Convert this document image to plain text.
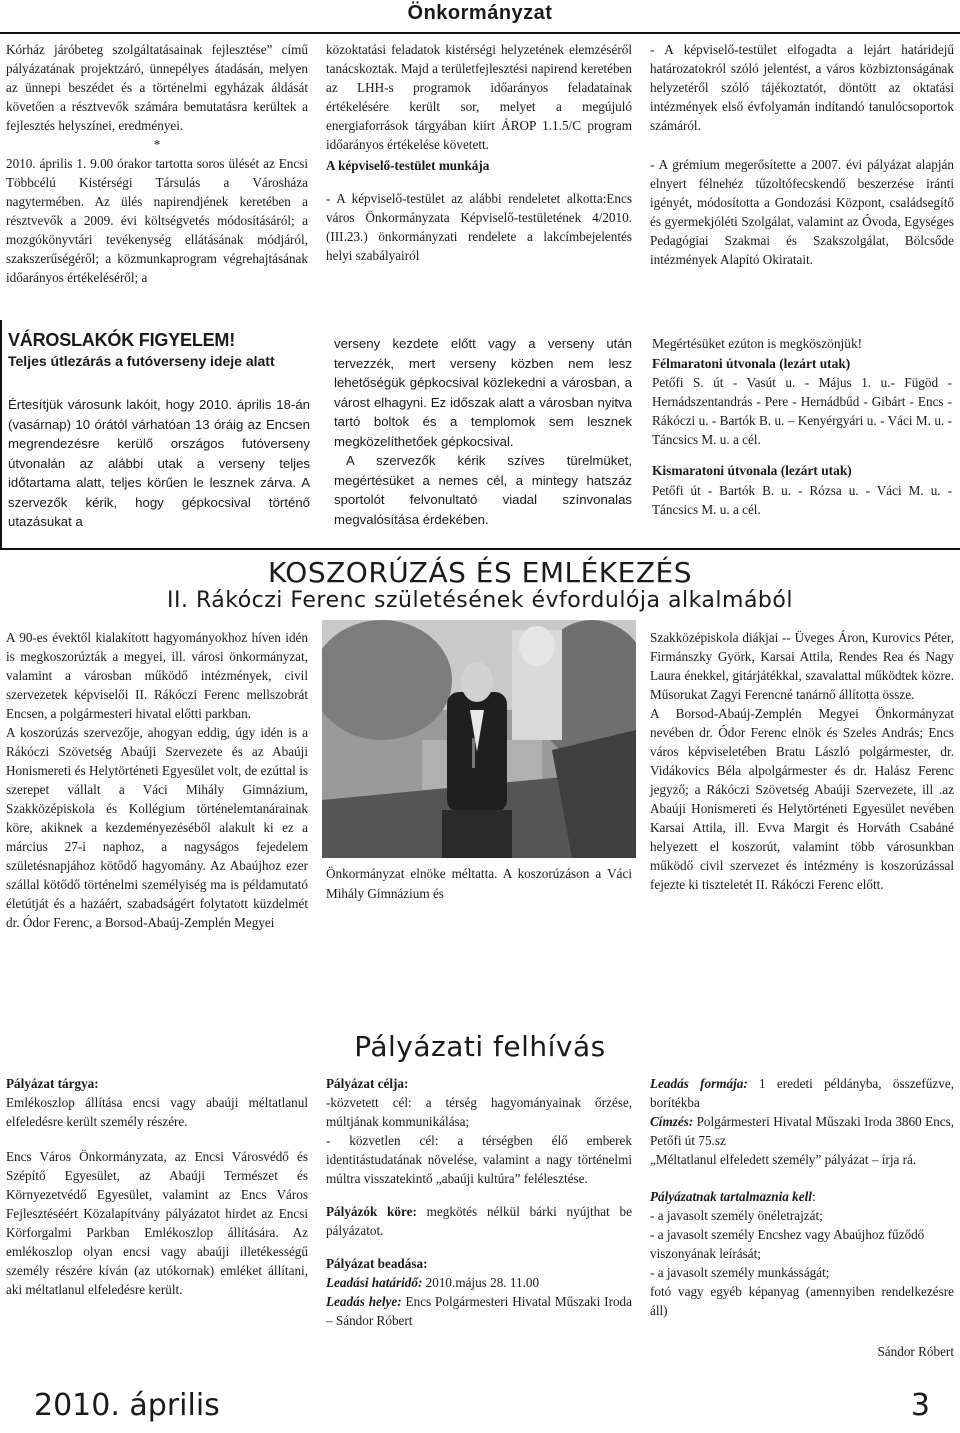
Önkormányzat

Kórház járóbeteg szolgáltatásainak fejlesztése” című pályázatának projektzáró, ünnepélyes átadásán, melyen az ünnepi beszédet és a történelmi egyházak áldását követően a résztvevők számára bemutatásra kerültek a fejlesztés helyszínei, eredményei.

*

2010. április 1. 9.00 órakor tartotta soros ülését az Encsi Többcélú Kistérségi Társulás a Városháza nagytermében. Az ülés napirendjének keretében a résztvevők a 2009. évi költségvetés módosításáról; a mozgókönyvtári tevékenység ellátásának módjáról, szakszerűségéről; a közmunkaprogram végrehajtásának időarányos értékeléséről; a

közoktatási feladatok kistérségi helyzetének elemzéséről tanácskoztak. Majd a területfejlesztési napirend keretében az LHH-s programok időarányos feladatainak értékelésére került sor, melyet a megújuló energiaforrások tárgyában kiírt ÁROP 1.1.5/C program időarányos értékelése követett.

A képviselő-testület munkája

- A képviselő-testület az alábbi rendeletet alkotta:Encs város Önkormányzata Képviselő-testületének 4/2010. (III.23.) önkormányzati rendelete a lakcímbejelentés helyi szabályairól

- A képviselő-testület elfogadta a lejárt határidejű határozatokról szóló jelentést, a város közbiztonságának helyzetéről szóló tájékoztatót, döntött az oktatási intézmények első évfolyamán indítandó tanulócsoportok számáról.

- A grémium megerősítette a 2007. évi pályázat alapján elnyert félnehéz tűzoltófecskendő beszerzése iránti igényét, módosította a Gondozási Központ, családsegítő és gyermekjóléti Szolgálat, valamint az Óvoda, Egységes Pedagógiai Szakmai és Szakszolgálat, Bölcsőde intézmények Alapító Okiratait.

VÁROSLAKÓK FIGYELEM!
Teljes útlezárás a futóverseny ideje alatt
Értesítjük városunk lakóit, hogy 2010. április 18-án (vasárnap) 10 órától várhatóan 13 óráig az Encsen megrendezésre kerülő országos futóverseny útvonalán az alábbi utak a verseny teljes időtartama alatt, teljes körűen le lesznek zárva. A szervezők kérik, hogy gépkocsival történő utazásukat a

verseny kezdete előtt vagy a verseny után tervezzék, mert verseny közben nem lesz lehetőségük gépkocsival közlekedni a városban, a várost elhagyni. Ez időszak alatt a városban nyitva tartó boltok és a templomok sem lesznek megközelíthetőek gépkocsival.

A szervezők kérik szíves türelmüket, megértésüket a nemes cél, a mintegy hatszáz sportolót felvonultató viadal színvonalas megvalósítása érdekében.

Megértésüket ezúton is megköszönjük!
Félmaratoni útvonala (lezárt utak)
Petőfi S. út - Vasút u. - Május 1. u.- Fügöd - Hernádszentandrás - Pere - Hernádbűd - Gibárt - Encs - Rákóczi u. - Bartók B. u. – Kenyérgyári u. - Váci M. u. - Táncsics M. u. a cél.
Kismaratoni útvonala (lezárt utak)
Petőfi út - Bartók B. u. - Rózsa u. - Váci M. u. - Táncsics M. u. a cél.
KOSZORÚZÁS ÉS EMLÉKEZÉS
II. Rákóczi Ferenc születésének évfordulója alkalmából

A 90-es évektől kialakított hagyományokhoz híven idén is megkoszorúzták a megyei, ill. városi önkormányzat, valamint a városban működő intézmények, civil szervezetek képviselői II. Rákóczi Ferenc mellszobrát Encsen, a polgármesteri hivatal előtti parkban.

A koszorúzás szervezője, ahogyan eddig, úgy idén is a Rákóczi Szövetség Abaúji Szervezete és az Abaúji Honismereti és Helytörténeti Egyesület volt, de ezúttal is szerepet vállalt a Váci Mihály Gimnázium, Szakközépiskola és Kollégium történelemtanárainak köre, akiknek a kezdeményezéséből alakult ki ez a március 27-i naphoz, a nagyságos fejedelem születésnapjához kötődő hagyomány. Az Abaújhoz ezer szállal kötődő történelmi személyiség ma is példamutató életútját és a hazáért, szabadságért folytatott küzdelmét dr. Ódor Ferenc, a Borsod-Abaúj-Zemplén Megyei

Önkormányzat elnöke méltatta. A koszorúzáson a Váci Mihály Gimnázium és

Szakközépiskola diákjai -- Üveges Áron, Kurovics Péter, Firmánszky Györk, Karsai Attila, Rendes Rea és Nagy Laura énekkel, gitárjátékkal, szavalattal működtek közre. Műsorukat Zagyi Ferencné tanárnő állította össze.

A Borsod-Abaúj-Zemplén Megyei Önkormányzat nevében dr. Ódor Ferenc elnök és Szeles András; Encs város képviseletében Bratu László polgármester, dr. Vidákovics Béla alpolgármester és dr. Halász Ferenc jegyző; a Rákóczi Szövetség Abaúji Szervezete, ill .az Abaúji Honismereti és Helytörténeti Egyesület nevében Karsai Attila, ill. Evva Margit és Horváth Csabáné helyezett el koszorút, valamint több városunkban működő civil szervezet és intézmény is koszorúzással fejezte ki tiszteletét II. Rákóczi Ferenc előtt.

Pályázati felhívás

Pályázat tárgya:

Emlékoszlop állítása encsi vagy abaúji méltatlanul elfeledésre került személy részére.

Encs Város Önkormányzata, az Encsi Városvédő és Szépítő Egyesület, az Abaúji Természet és Környezetvédő Egyesület, valamint az Encs Város Fejlesztéséért Közalapítvány pályázatot hirdet az Encsi Körforgalmi Parkban Emlékoszlop állítására. Az emlékoszlop olyan encsi vagy abaúji illetékességű személy részére kíván (az utókornak) emléket állítani, aki méltatlanul elfeledésre került.

Pályázat célja:

-közvetett cél: a térség hagyományainak őrzése, múltjának kommunikálása;

- közvetlen cél: a térségben élő emberek identitástudatának növelése, valamint a nagy történelmi múltra visszatekintő „abaúji kultúra” felélesztése.

Pályázók köre: megkötés nélkül bárki nyújthat be pályázatot.

Pályázat beadása:

Leadási határidő: 2010.május 28. 11.00

Leadás helye: Encs Polgármesteri Hivatal Műszaki Iroda – Sándor Róbert

Leadás formája: 1 eredeti példányba, összefűzve, borítékba

Címzés: Polgármesteri Hivatal Műszaki Iroda 3860 Encs, Petőfi út 75.sz

„Méltatlanul elfeledett személy” pályázat – írja rá.

Pályázatnak tartalmaznia kell:

- a javasolt személy önéletrajzát;

- a javasolt személy Encshez vagy Abaújhoz fűződő viszonyának leírását;

- a javasolt személy munkásságát;

fotó vagy egyéb képanyag (amennyiben rendelkezésre áll)

Sándor Róbert

2010. április	3
